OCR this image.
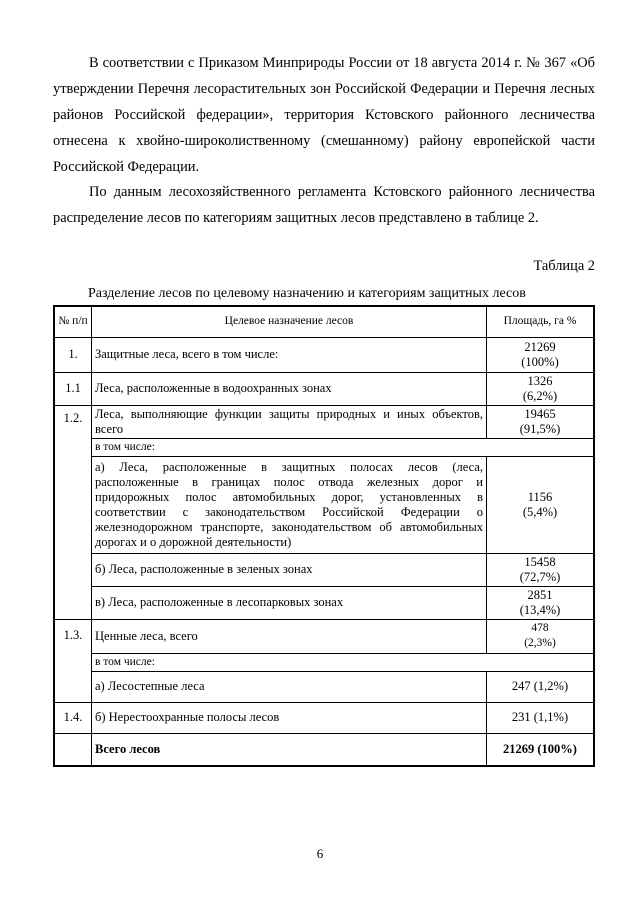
В соответствии с Приказом Минприроды России от 18 августа 2014 г. № 367 «Об утверждении Перечня лесорастительных зон Российской Федерации и Перечня лесных районов Российской федерации», территория Кстовского районного лесничества отнесена к хвойно-широколиственному (смешанному) району европейской части Российской Федерации.
По данным лесохозяйственного регламента Кстовского районного лесничества распределение лесов по категориям защитных лесов представлено в таблице 2.
Таблица 2
Разделение лесов по целевому назначению и категориям защитных лесов
№ п/п	Целевое назначение лесов	Площадь, га %
1.	Защитные леса, всего в том числе:	21269
(100%)
1.1	Леса, расположенные в водоохранных зонах	1326
(6,2%)
1.2.	Леса, выполняющие функции защиты природных и иных объектов, всего	19465
(91,5%)
	в том числе:	
	а) Леса, расположенные в защитных полосах лесов (леса, расположенные в границах полос отвода железных дорог и придорожных полос автомобильных дорог, установленных в соответствии с законодательством Российской Федерации о железнодорожном транспорте, законодательством об автомобильных дорогах и о дорожной деятельности)	1156
(5,4%)
	б) Леса, расположенные в зеленых зонах	15458
(72,7%)
	в) Леса, расположенные в лесопарковых зонах	2851
(13,4%)
1.3.	Ценные леса, всего	478
(2,3%)
	в том числе:	
	а) Лесостепные леса	247 (1,2%)
1.4.	б) Нерестоохранные полосы лесов	231 (1,1%)
	Всего лесов	21269 (100%)
6
